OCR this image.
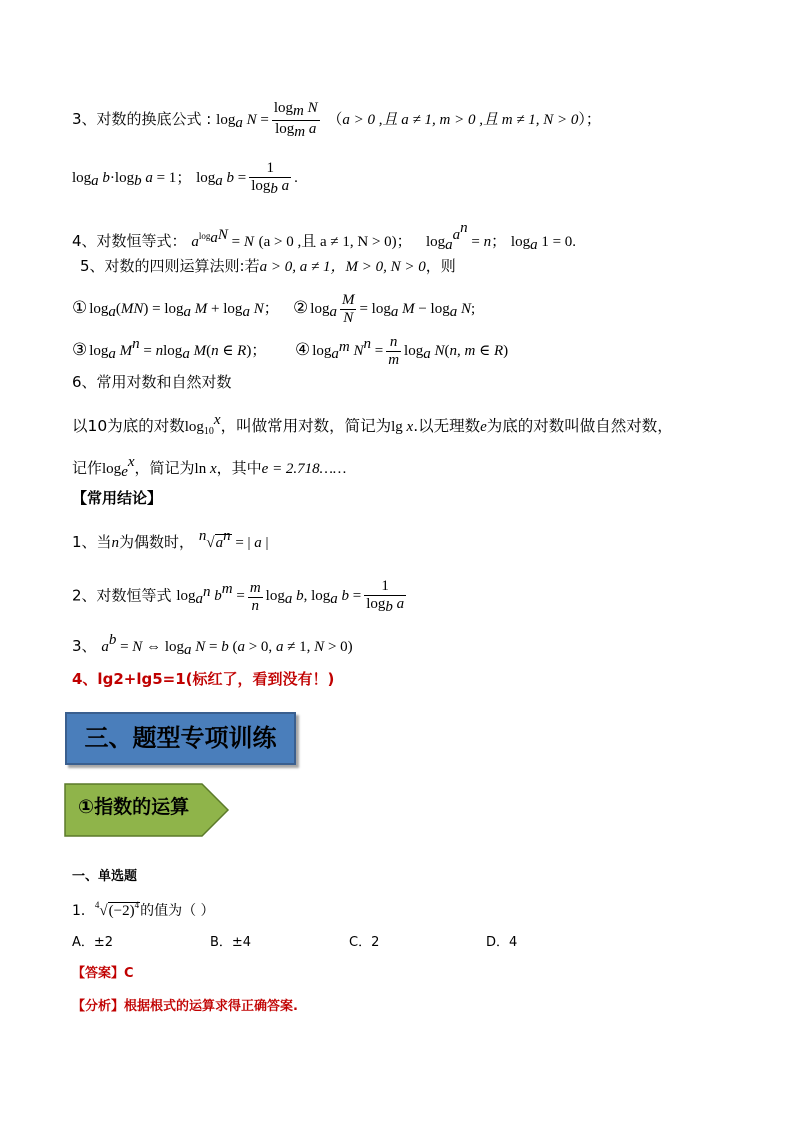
3、对数的换底公式 : $\log_a N = \frac{\log_m N}{\log_m a} (a > 0$ ,且 a ≠ 1, m > 0 ,且 m ≠ 1, N > 0）；
$\log_a b\cdot\log_b$ a = 1； $\log_a b = \frac{1}{\log_b a}$ .
4、对数恒等式： $a^{log_aN} = N$ (a > 0 ,且 a ≠ 1, N > 0)； $\log_a^{a^n} = n$； $\log_a 1 = 0$.
5、对数的四则运算法则:若a > 0, a ≠ 1，M > 0, N > 0，则
① $\log_a(MN) = \log_a M + \log_a N$； ② $\log_a \frac{M}{N} = \log_a M - \log_a N$;
③ $\log_a M^n = nlog_a$ M(n ∈ R)； ④ $\log_{a^m} N^n = \frac{n}{m} \log_a N(n$, m ∈ R)
6、常用对数和自然对数
以10为底的对数$\log_{10}^x$，叫做常用对数，简记为lg x.以无理数e为底的对数叫做自然对数，
记作$\log_e^x$，简记为ln x，其中e = 2.718……
【常用结论】
1、当n为偶数时， $^n√a^n$ = | a |
2、对数恒等式 $\log_{a^n} b^m = \frac{m}{n} \log_a b$, $\log_a b = \frac{1}{\log_b a}$
3、 $a^b = N$ ⇔ $\log_a N = b$ (a > 0, a ≠ 1, N > 0)
4、lg2+lg5=1(标红了，看到没有！)
三、题型专项训练
①指数的运算
一、单选题
1．$^4√(-2)^4$的值为（ ）
A．±2	B．±4	C．2	D．4
【答案】C
【分析】根据根式的运算求得正确答案.
